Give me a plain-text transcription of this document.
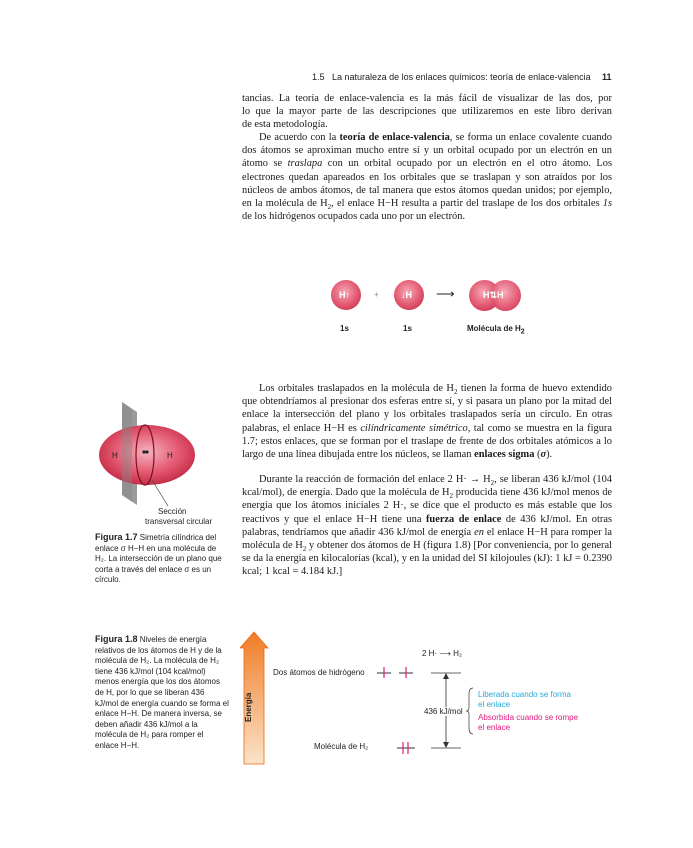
1.5 La naturaleza de los enlaces químicos: teoría de enlace-valencia 11

tancias. La teoría de enlace-valencia es la más fácil de visualizar de las dos, por

lo que la mayor parte de las descripciones que utilizaremos en este libro derivan

de esta metodología.

De acuerdo con la teoría de enlace-valencia, se forma un enlace covalente cuando dos átomos se aproximan mucho entre sí y un orbital ocupado por un electrón en un átomo se traslapa con un orbital ocupado por un electrón en el otro átomo. Los electrones quedan apareados en los orbitales que se traslapan y son atraídos por los núcleos de ambos átomos, de tal manera que estos átomos quedan unidos; por ejemplo, en la molécula de $H_2$, el enlace H−H resulta a partir del traslape de los dos orbitales 1s de los hidrógenos ocupados cada uno por un electrón.

H↑	+ ↓H ⟶	H⇅H
1s	1s	Molécula de $H_2$
H	H
Sección
transversal circular
Figura 1.7 Simetría cilíndrica del enlace σ H−H en una molécula de H₂. La intersección de un plano que corta a través del enlace σ es un círculo.

Los orbitales traslapados en la molécula de $H_2$ tienen la forma de huevo extendido que obtendríamos al presionar dos esferas entre sí, y si pasara un plano por la mitad del enlace la intersección del plano y los orbitales traslapados sería un círculo. En otras palabras, el enlace H−H es cilíndricamente simétrico, tal como se muestra en la figura 1.7; estos enlaces, que se forman por el traslape de frente de dos orbitales atómicos a lo largo de una línea dibujada entre los núcleos, se llaman enlaces sigma (σ).

Durante la reacción de formación del enlace 2 $H\cdot \to H_2$, se liberan 436 kJ/mol (104 kcal/mol), de energía. Dado que la molécula de $H_2$ producida tiene 436 kJ/mol menos de energía que los átomos iniciales 2 H·, se dice que el producto es más estable que los reactivos y que el enlace H−H tiene una fuerza de enlace de 436 kJ/mol. En otras palabras, tendríamos que añadir 436 kJ/mol de energía en el enlace H−H para romper la molécula de $H_2$ y obtener dos átomos de H (figura 1.8) [Por conveniencia, por lo general se da la energía en kilocalorías (kcal), y en la unidad del SI kilojoules (kJ): 1 kJ = 0.2390 kcal; 1 kcal = 4.184 kJ.]

Figura 1.8 Niveles de energía relativos de los átomos de H y de la molécula de H₂. La molécula de H₂ tiene 436 kJ/mol (104 kcal/mol) menos energía que los dos átomos de H, por lo que se liberan 436 kJ/mol de energía cuando se forma el enlace H−H. De manera inversa, se deben añadir 436 kJ/mol a la molécula de H₂ para romper el enlace H−H.
Energía
2 H· ⟶ H₂
Dos átomos de hidrógeno
Molécula de H₂
436 kJ/mol
Liberada cuando se forma
el enlace
Absorbida cuando se rompe
el enlace
